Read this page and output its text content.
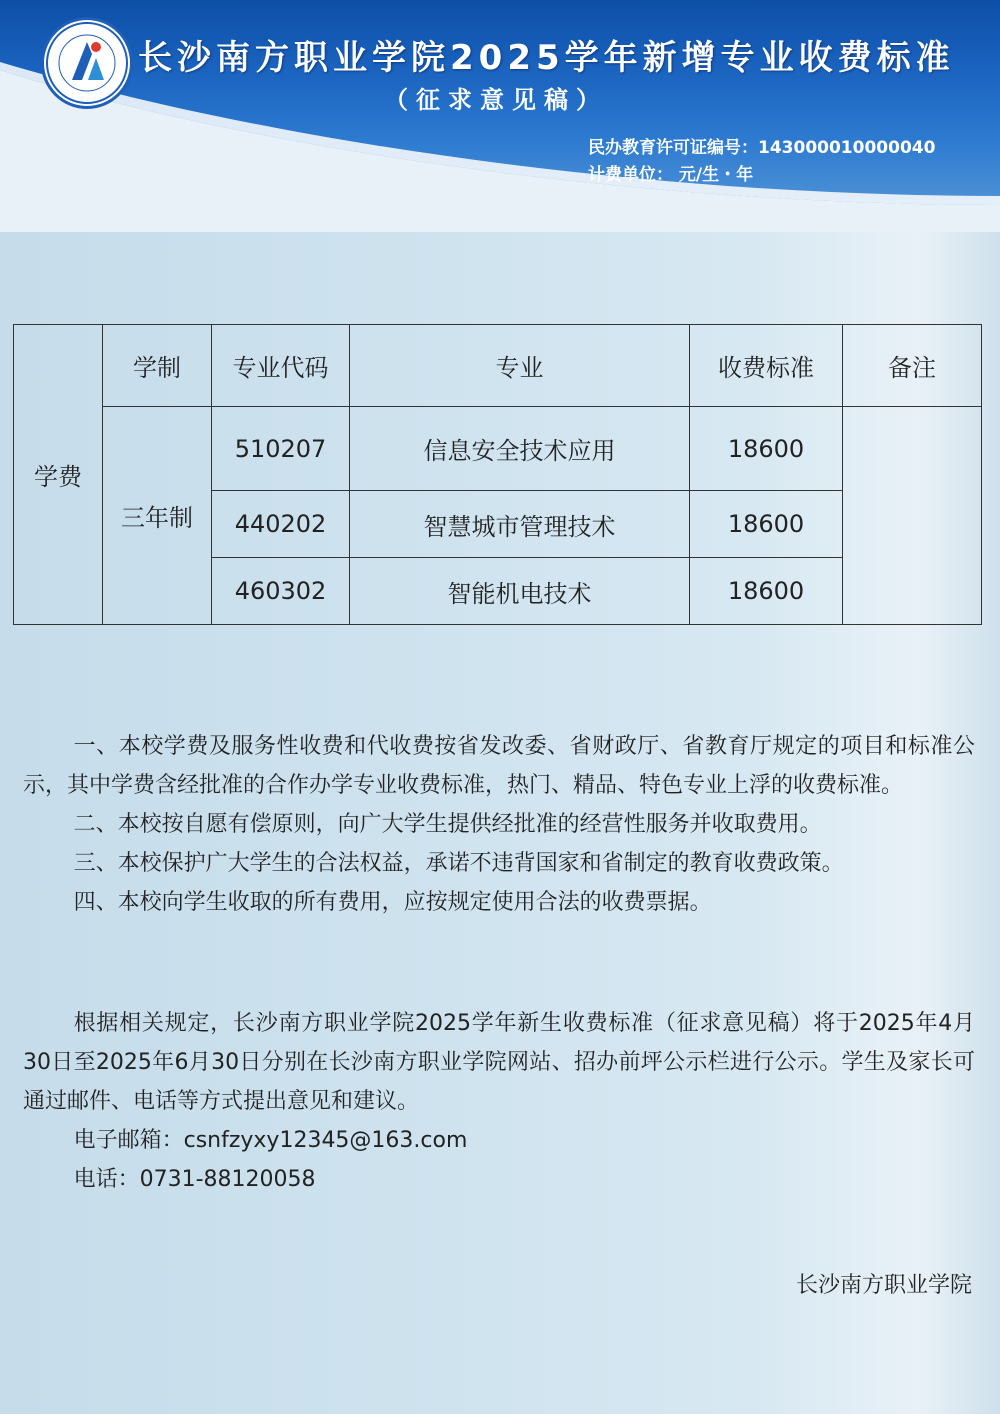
长沙南方职业学院2025学年新增专业收费标准
（征求意见稿）
民办教育许可证编号：143000010000040
计费单位： 元/生・年
学费	学制	专业代码	专业	收费标准	备注
	三年制	510207	信息安全技术应用	18600	
		440202	智慧城市管理技术	18600	
		460302	智能机电技术	18600	

一、本校学费及服务性收费和代收费按省发改委、省财政厅、省教育厅规定的项目和标准公示，其中学费含经批准的合作办学专业收费标准，热门、精品、特色专业上浮的收费标准。

二、本校按自愿有偿原则，向广大学生提供经批准的经营性服务并收取费用。

三、本校保护广大学生的合法权益，承诺不违背国家和省制定的教育收费政策。

四、本校向学生收取的所有费用，应按规定使用合法的收费票据。

根据相关规定，长沙南方职业学院2025学年新生收费标准（征求意见稿）将于2025年4月30日至2025年6月30日分别在长沙南方职业学院网站、招办前坪公示栏进行公示。学生及家长可通过邮件、电话等方式提出意见和建议。

电子邮箱：csnfzyxy12345@163.com

电话：0731-88120058

长沙南方职业学院
